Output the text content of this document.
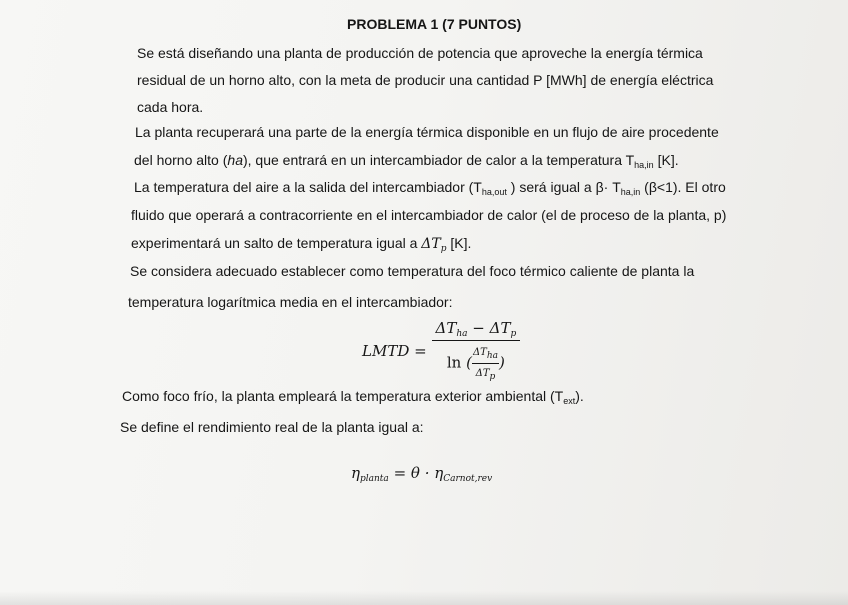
PROBLEMA 1 (7 PUNTOS)
Se está diseñando una planta de producción de potencia que aproveche la energía térmica
residual de un horno alto, con la meta de producir una cantidad P [MWh] de energía eléctrica
cada hora.
La planta recuperará una parte de la energía térmica disponible en un flujo de aire procedente
del horno alto (ha), que entrará en un intercambiador de calor a la temperatura $T_{ha,in}$ [K].
La temperatura del aire a la salida del intercambiador ($T_{ha,out}$ ) será igual a $\beta\cdot T_{ha,in}$ (β<1). El otro
fluido que operará a contracorriente en el intercambiador de calor (el de proceso de la planta, p)
experimentará un salto de temperatura igual a $\Delta T_p$ [K].
Se considera adecuado establecer como temperatura del foco térmico caliente de planta la
temperatura logarítmica media en el intercambiador:
LMTD = $\Delta T_{ha} - \Delta T_p$
ln (
$\Delta T_{ha}$
$\Delta T_p$
)
Como foco frío, la planta empleará la temperatura exterior ambiental $(T_{ext})$.
Se define el rendimiento real de la planta igual a:
$\eta_{planta} = \theta \cdot \eta_{Carnot,rev}$
